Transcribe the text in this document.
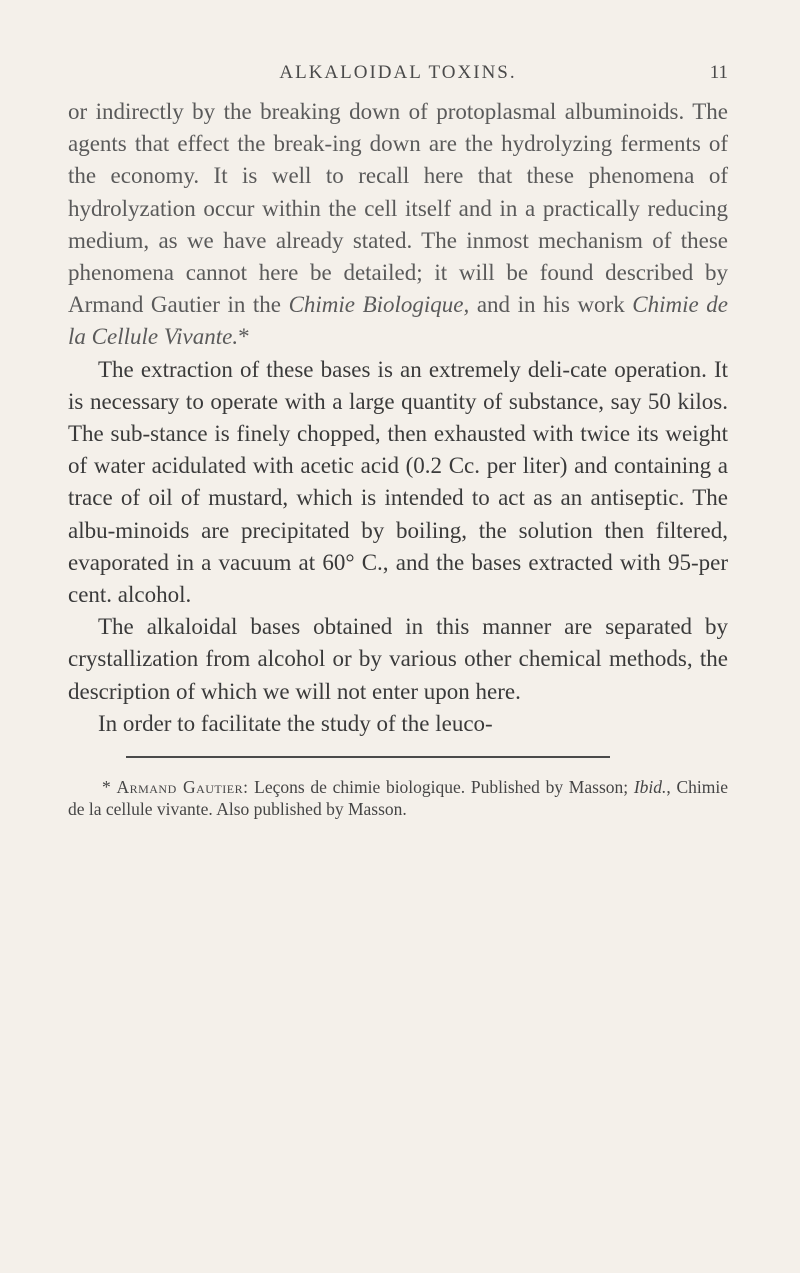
ALKALOIDAL TOXINS.	11

or indirectly by the breaking down of protoplasmal albuminoids. The agents that effect the break-ing down are the hydrolyzing ferments of the economy. It is well to recall here that these phenomena of hydrolyzation occur within the cell itself and in a practically reducing medium, as we have already stated. The inmost mechanism of these phenomena cannot here be detailed; it will be found described by Armand Gautier in the Chimie Biologique, and in his work Chimie de la Cellule Vivante.*

The extraction of these bases is an extremely deli-cate operation. It is necessary to operate with a large quantity of substance, say 50 kilos. The sub-stance is finely chopped, then exhausted with twice its weight of water acidulated with acetic acid (0.2 Cc. per liter) and containing a trace of oil of mustard, which is intended to act as an antiseptic. The albu-minoids are precipitated by boiling, the solution then filtered, evaporated in a vacuum at 60° C., and the bases extracted with 95-per cent. alcohol.

The alkaloidal bases obtained in this manner are separated by crystallization from alcohol or by various other chemical methods, the description of which we will not enter upon here.

In order to facilitate the study of the leuco-

* Armand Gautier: Leçons de chimie biologique. Published by Masson; Ibid., Chimie de la cellule vivante. Also published by Masson.
